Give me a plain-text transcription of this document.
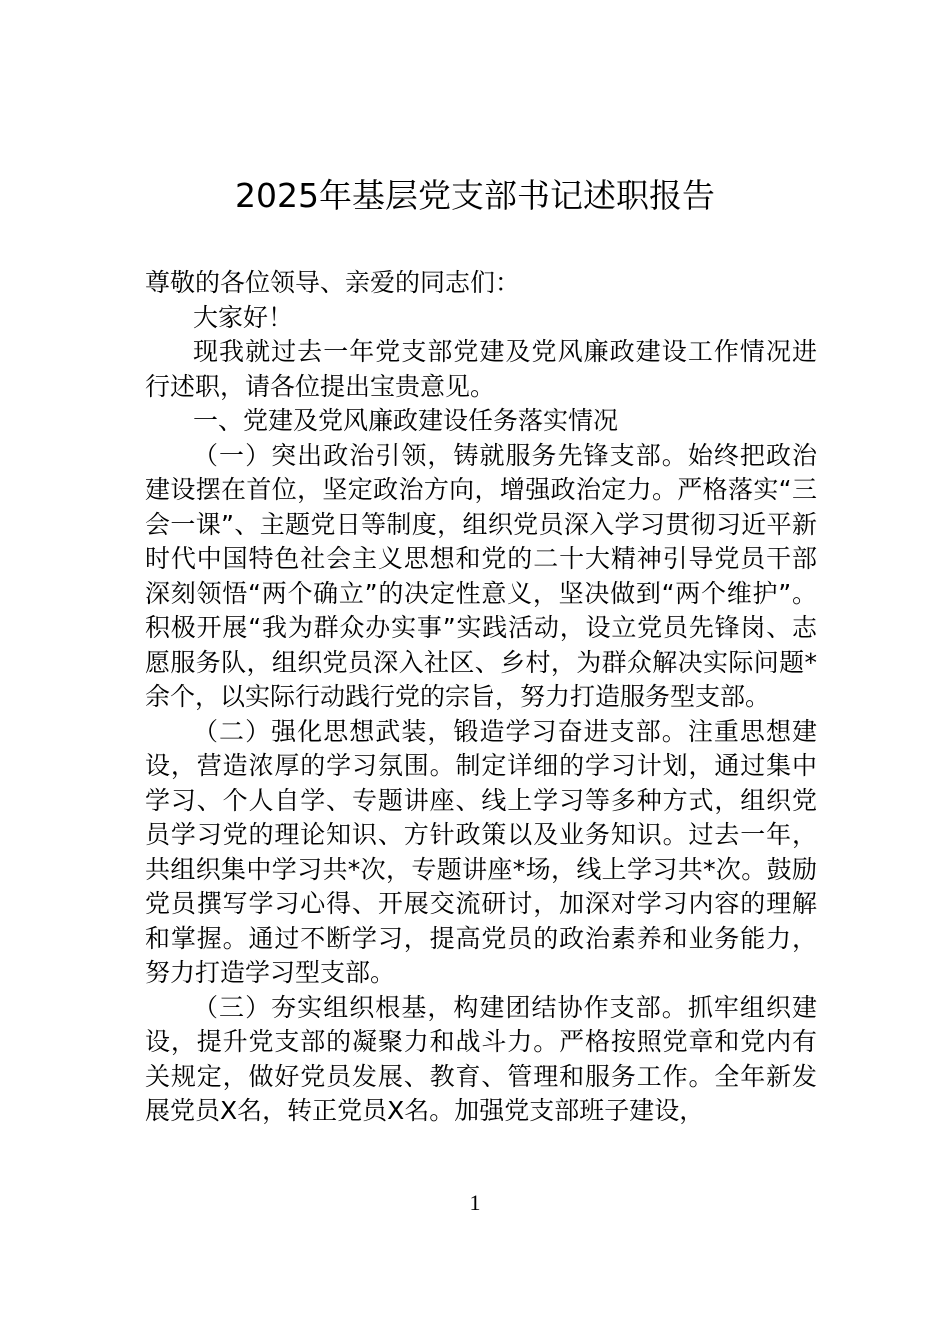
2025年基层党支部书记述职报告

尊敬的各位领导、亲爱的同志们：

大家好！

现我就过去一年党支部党建及党风廉政建设工作情况进行述职，请各位提出宝贵意见。

一、党建及党风廉政建设任务落实情况

（一）突出政治引领，铸就服务先锋支部。始终把政治建设摆在首位，坚定政治方向，增强政治定力。严格落实“三会一课”、主题党日等制度，组织党员深入学习贯彻习近平新时代中国特色社会主义思想和党的二十大精神引导党员干部深刻领悟“两个确立”的决定性意义，坚决做到“两个维护”。积极开展“我为群众办实事”实践活动，设立党员先锋岗、志愿服务队，组织党员深入社区、乡村，为群众解决实际问题*余个，以实际行动践行党的宗旨，努力打造服务型支部。

（二）强化思想武装，锻造学习奋进支部。注重思想建设，营造浓厚的学习氛围。制定详细的学习计划，通过集中学习、个人自学、专题讲座、线上学习等多种方式，组织党员学习党的理论知识、方针政策以及业务知识。过去一年，共组织集中学习共*次，专题讲座*场，线上学习共*次。鼓励党员撰写学习心得、开展交流研讨，加深对学习内容的理解和掌握。通过不断学习，提高党员的政治素养和业务能力，努力打造学习型支部。

（三）夯实组织根基，构建团结协作支部。抓牢组织建设，提升党支部的凝聚力和战斗力。严格按照党章和党内有关规定，做好党员发展、教育、管理和服务工作。全年新发展党员X名，转正党员X名。加强党支部班子建设，

1
